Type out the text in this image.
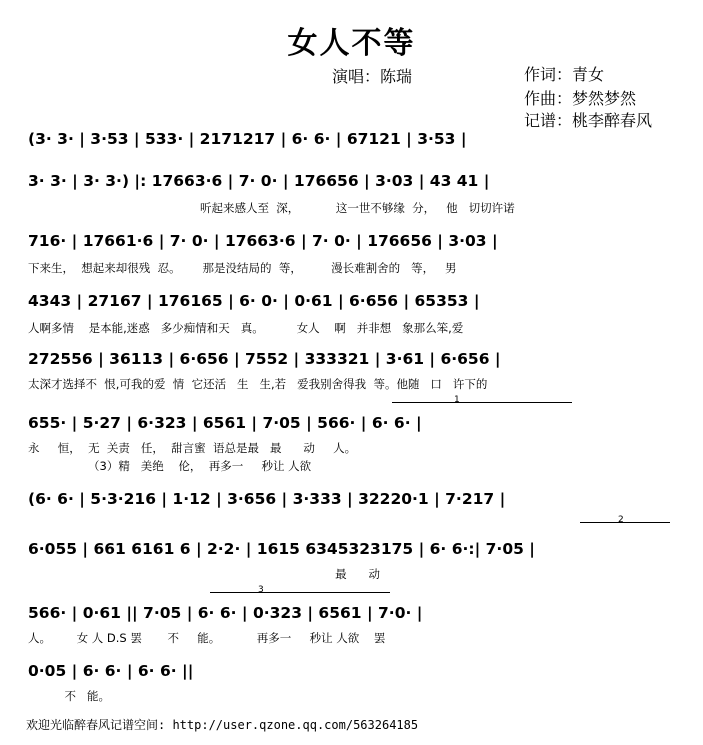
女人不等
演唱：陈瑞	作词：青女
作曲：梦然梦然
记谱：桃李醉春风
(3· 3· | 3·53 | 533· | 2171217 | 6· 6· | 67121 | 3·53 |
3· 3· | 3· 3·) |: 17663·6 | 7· 0· | 176656 | 3·03 | 43 41 |
听起来感人至  深，          这一世不够缘  分，   他   切切许诺
716· | 17661·6 | 7· 0· | 17663·6 | 7· 0· | 176656 | 3·03 |
下来生，  想起来却很残  忍。      那是没结局的  等，        漫长难割舍的   等，   男
4343 | 27167 | 176165 | 6· 0· | 0·61 | 6·656 | 65353 |
人啊多情    是本能,迷惑   多少痴情和天   真。         女人    啊   并非想   象那么笨,爱
272556 | 36113 | 6·656 | 7552 | 333321 | 3·61 | 6·656 |
太深才选择不  恨,可我的爱  情  它还活   生   生,若   爱我别舍得我  等。他随   口   许下的
1
655· | 5·27 | 6·323 | 6561 | 7·05 | 566· | 6· 6· |
永     恒，  无  关责   任，  甜言蜜  语总是最   最      动     人。
（3）精   美绝    伦，  再多一     秒让 人欲
(6· 6· | 5·3·216 | 1·12 | 3·656 | 3·333 | 32220·1 | 7·217 |
2
6·055 | 661 6161 6 | 2·2· | 1615 6345323175 | 6· 6·:| 7·05 |
最      动
3
566· | 0·61 || 7·05 | 6· 6· | 0·323 | 6561 | 7·0· |
人。       女 人 D.S 罢       不     能。          再多一     秒让 人欲    罢
0·05 | 6· 6· | 6· 6· ||
不   能。
欢迎光临醉春风记谱空间: http://user.qzone.qq.com/563264185
